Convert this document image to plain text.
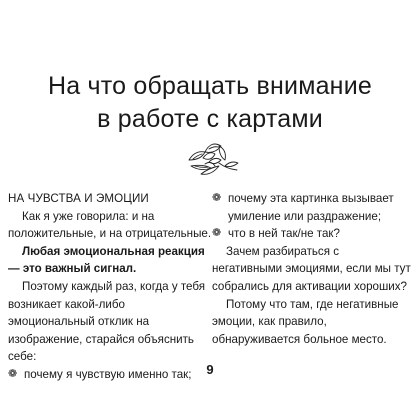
На что обращать внимание
в работе с картами

НА ЧУВСТВА И ЭМОЦИИ

Как я уже говорила: и на положительные, и на отрицательные.

Любая эмоциональная реакция — это важный сигнал.

Поэтому каждый раз, когда у тебя возникает какой-либо эмоциональный отклик на изображение, старайся объяснить себе:

❁ почему я чувствую именно так;

❁ почему эта картинка вызывает умиление или раздражение;

❁ что в ней так/не так?

Зачем разбираться с негативными эмоциями, если мы тут собрались для активации хороших?

Потому что там, где негативные эмоции, как правило, обнаруживается больное место.

9
